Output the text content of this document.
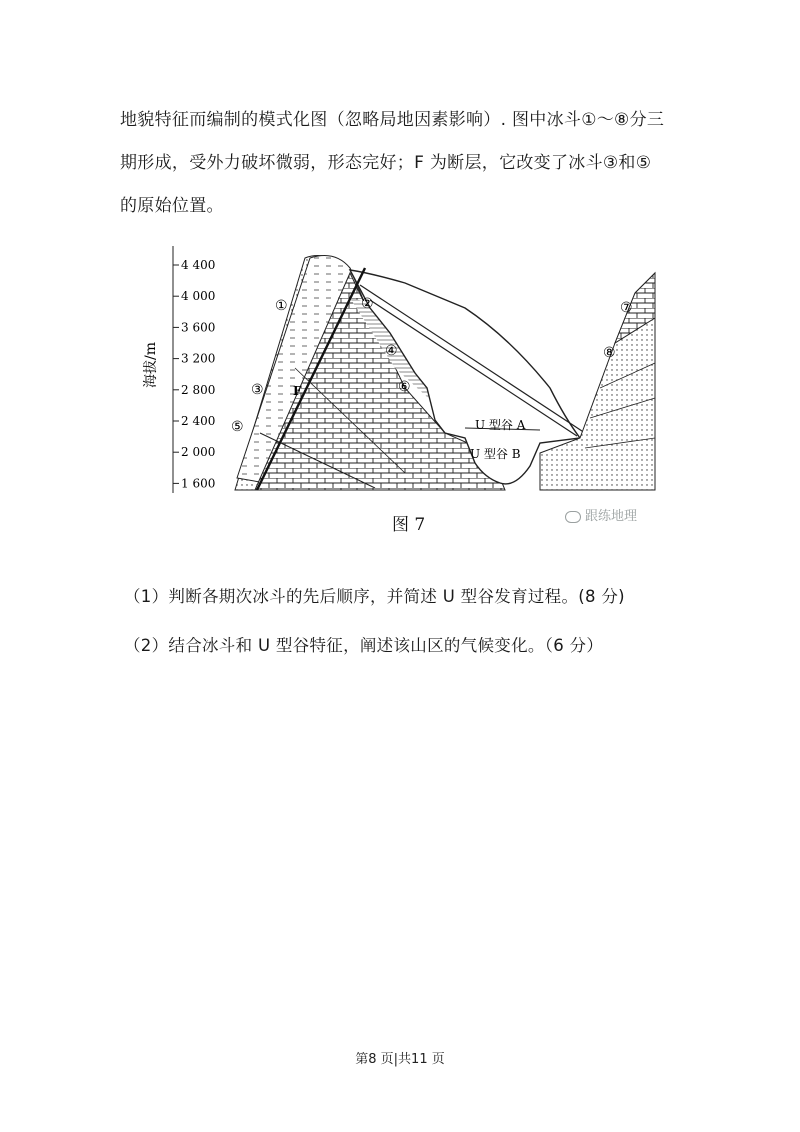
地貌特征而编制的模式化图（忽略局地因素影响）. 图中冰斗①～⑧分三
期形成，受外力破坏微弱，形态完好；F 为断层，它改变了冰斗③和⑤
的原始位置。
4 400
4 000
3 600
3 200
2 800
2 400
2 000
1 600
海拔/m
F
①	②
③
④
⑤
⑥
⑦
⑧
U 型谷 A
U 型谷 B
图 7	跟练地理
（1）判断各期次冰斗的先后顺序，并简述 U 型谷发育过程。(8 分)
（2）结合冰斗和 U 型谷特征，阐述该山区的气候变化。（6 分）
第8 页|共11 页
